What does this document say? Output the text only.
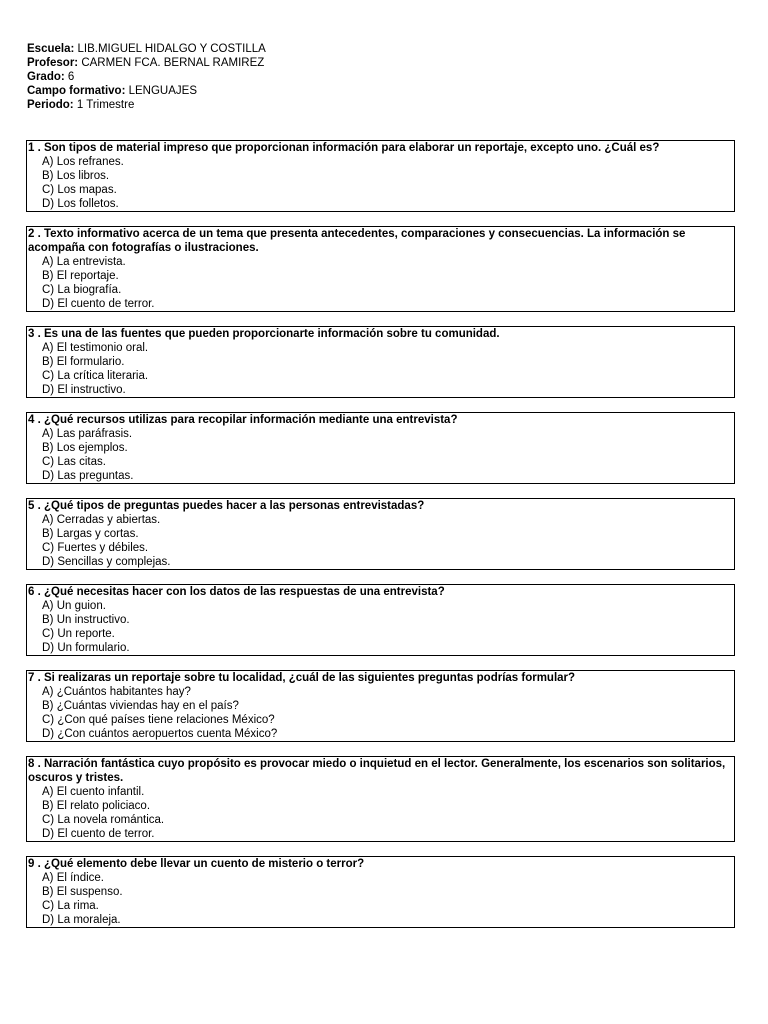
Escuela: LIB.MIGUEL HIDALGO Y COSTILLA
Profesor: CARMEN FCA. BERNAL RAMIREZ
Grado: 6
Campo formativo: LENGUAJES
Periodo: 1 Trimestre
1 . Son tipos de material impreso que proporcionan información para elaborar un reportaje, excepto uno. ¿Cuál es?
A) Los refranes.
B) Los libros.
C) Los mapas.
D) Los folletos.
2 . Texto informativo acerca de un tema que presenta antecedentes, comparaciones y consecuencias. La información se acompaña con fotografías o ilustraciones.
A) La entrevista.
B) El reportaje.
C) La biografía.
D) El cuento de terror.
3 . Es una de las fuentes que pueden proporcionarte información sobre tu comunidad.
A) El testimonio oral.
B) El formulario.
C) La crítica literaria.
D) El instructivo.
4 . ¿Qué recursos utilizas para recopilar información mediante una entrevista?
A) Las paráfrasis.
B) Los ejemplos.
C) Las citas.
D) Las preguntas.
5 . ¿Qué tipos de preguntas puedes hacer a las personas entrevistadas?
A) Cerradas y abiertas.
B) Largas y cortas.
C) Fuertes y débiles.
D) Sencillas y complejas.
6 . ¿Qué necesitas hacer con los datos de las respuestas de una entrevista?
A) Un guion.
B) Un instructivo.
C) Un reporte.
D) Un formulario.
7 . Si realizaras un reportaje sobre tu localidad, ¿cuál de las siguientes preguntas podrías formular?
A) ¿Cuántos habitantes hay?
B) ¿Cuántas viviendas hay en el país?
C) ¿Con qué países tiene relaciones México?
D) ¿Con cuántos aeropuertos cuenta México?
8 . Narración fantástica cuyo propósito es provocar miedo o inquietud en el lector. Generalmente, los escenarios son solitarios, oscuros y tristes.
A) El cuento infantil.
B) El relato policiaco.
C) La novela romántica.
D) El cuento de terror.
9 . ¿Qué elemento debe llevar un cuento de misterio o terror?
A) El índice.
B) El suspenso.
C) La rima.
D) La moraleja.
